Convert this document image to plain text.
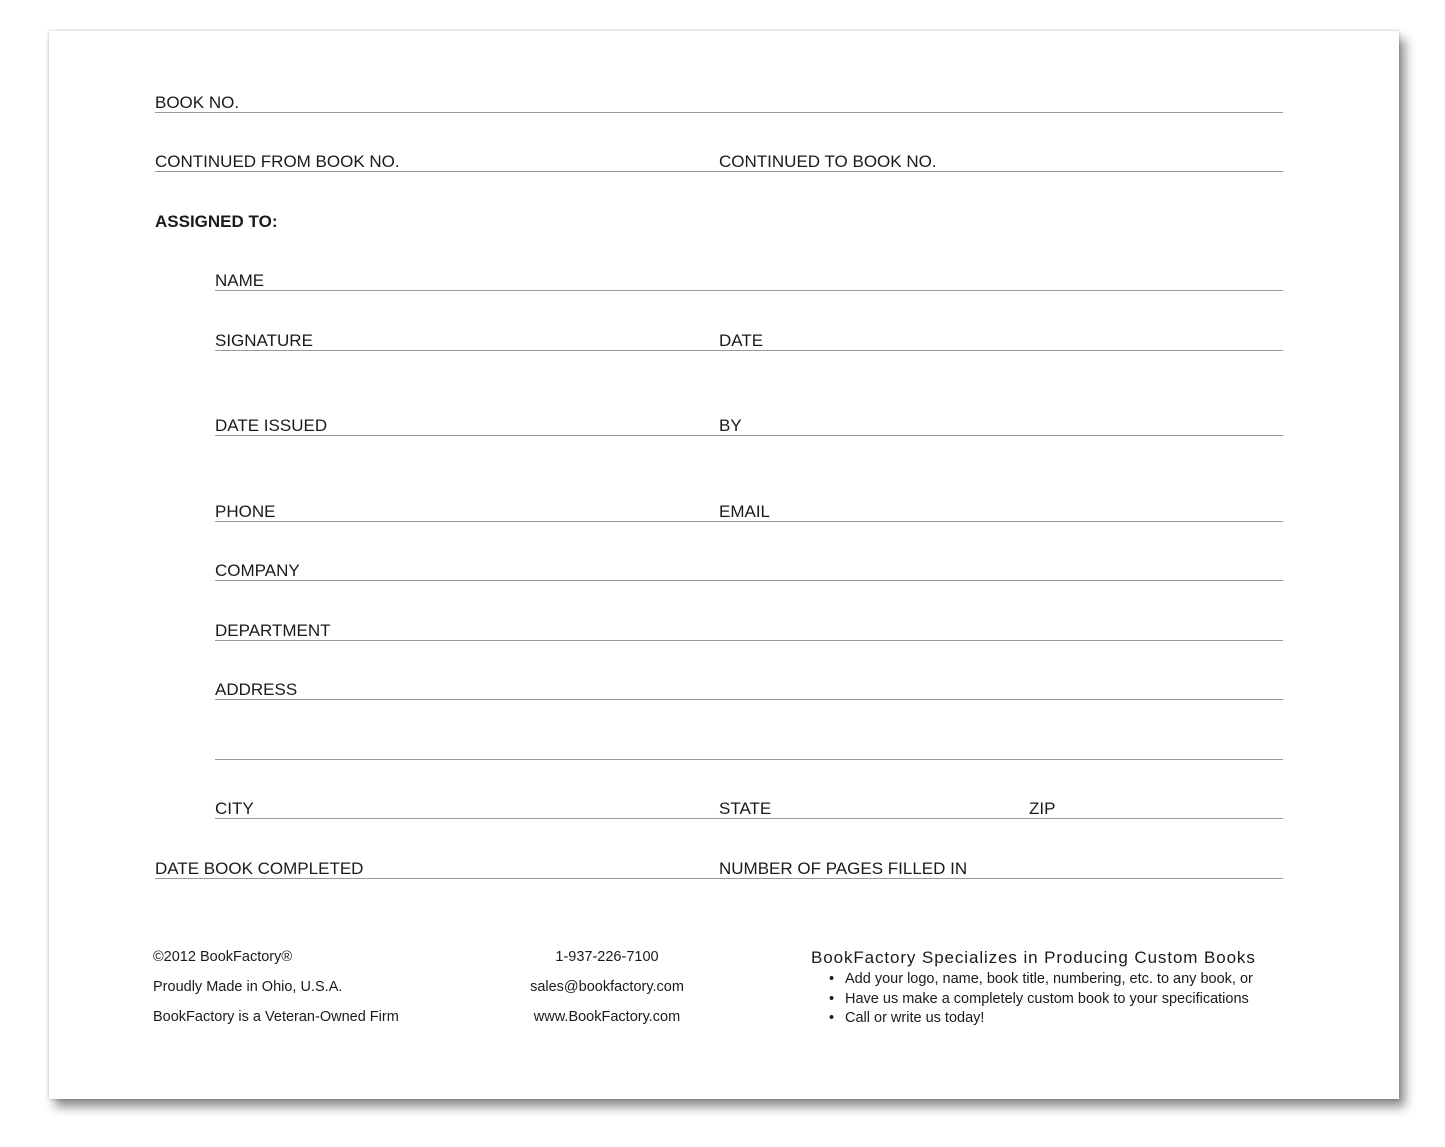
BOOK NO.
CONTINUED FROM BOOK NO.	CONTINUED TO BOOK NO.
ASSIGNED TO:
NAME
SIGNATURE	DATE
DATE ISSUED	BY
PHONE	EMAIL
COMPANY
DEPARTMENT
ADDRESS
CITY	STATE	ZIP
DATE BOOK COMPLETED	NUMBER OF PAGES FILLED IN
©2012 BookFactory®
Proudly Made in Ohio, U.S.A.
BookFactory is a Veteran-Owned Firm
1-937-226-7100
sales@bookfactory.com
www.BookFactory.com
BookFactory Specializes in Producing Custom Books
• Add your logo, name, book title, numbering, etc. to any book, or
• Have us make a completely custom book to your specifications
• Call or write us today!
